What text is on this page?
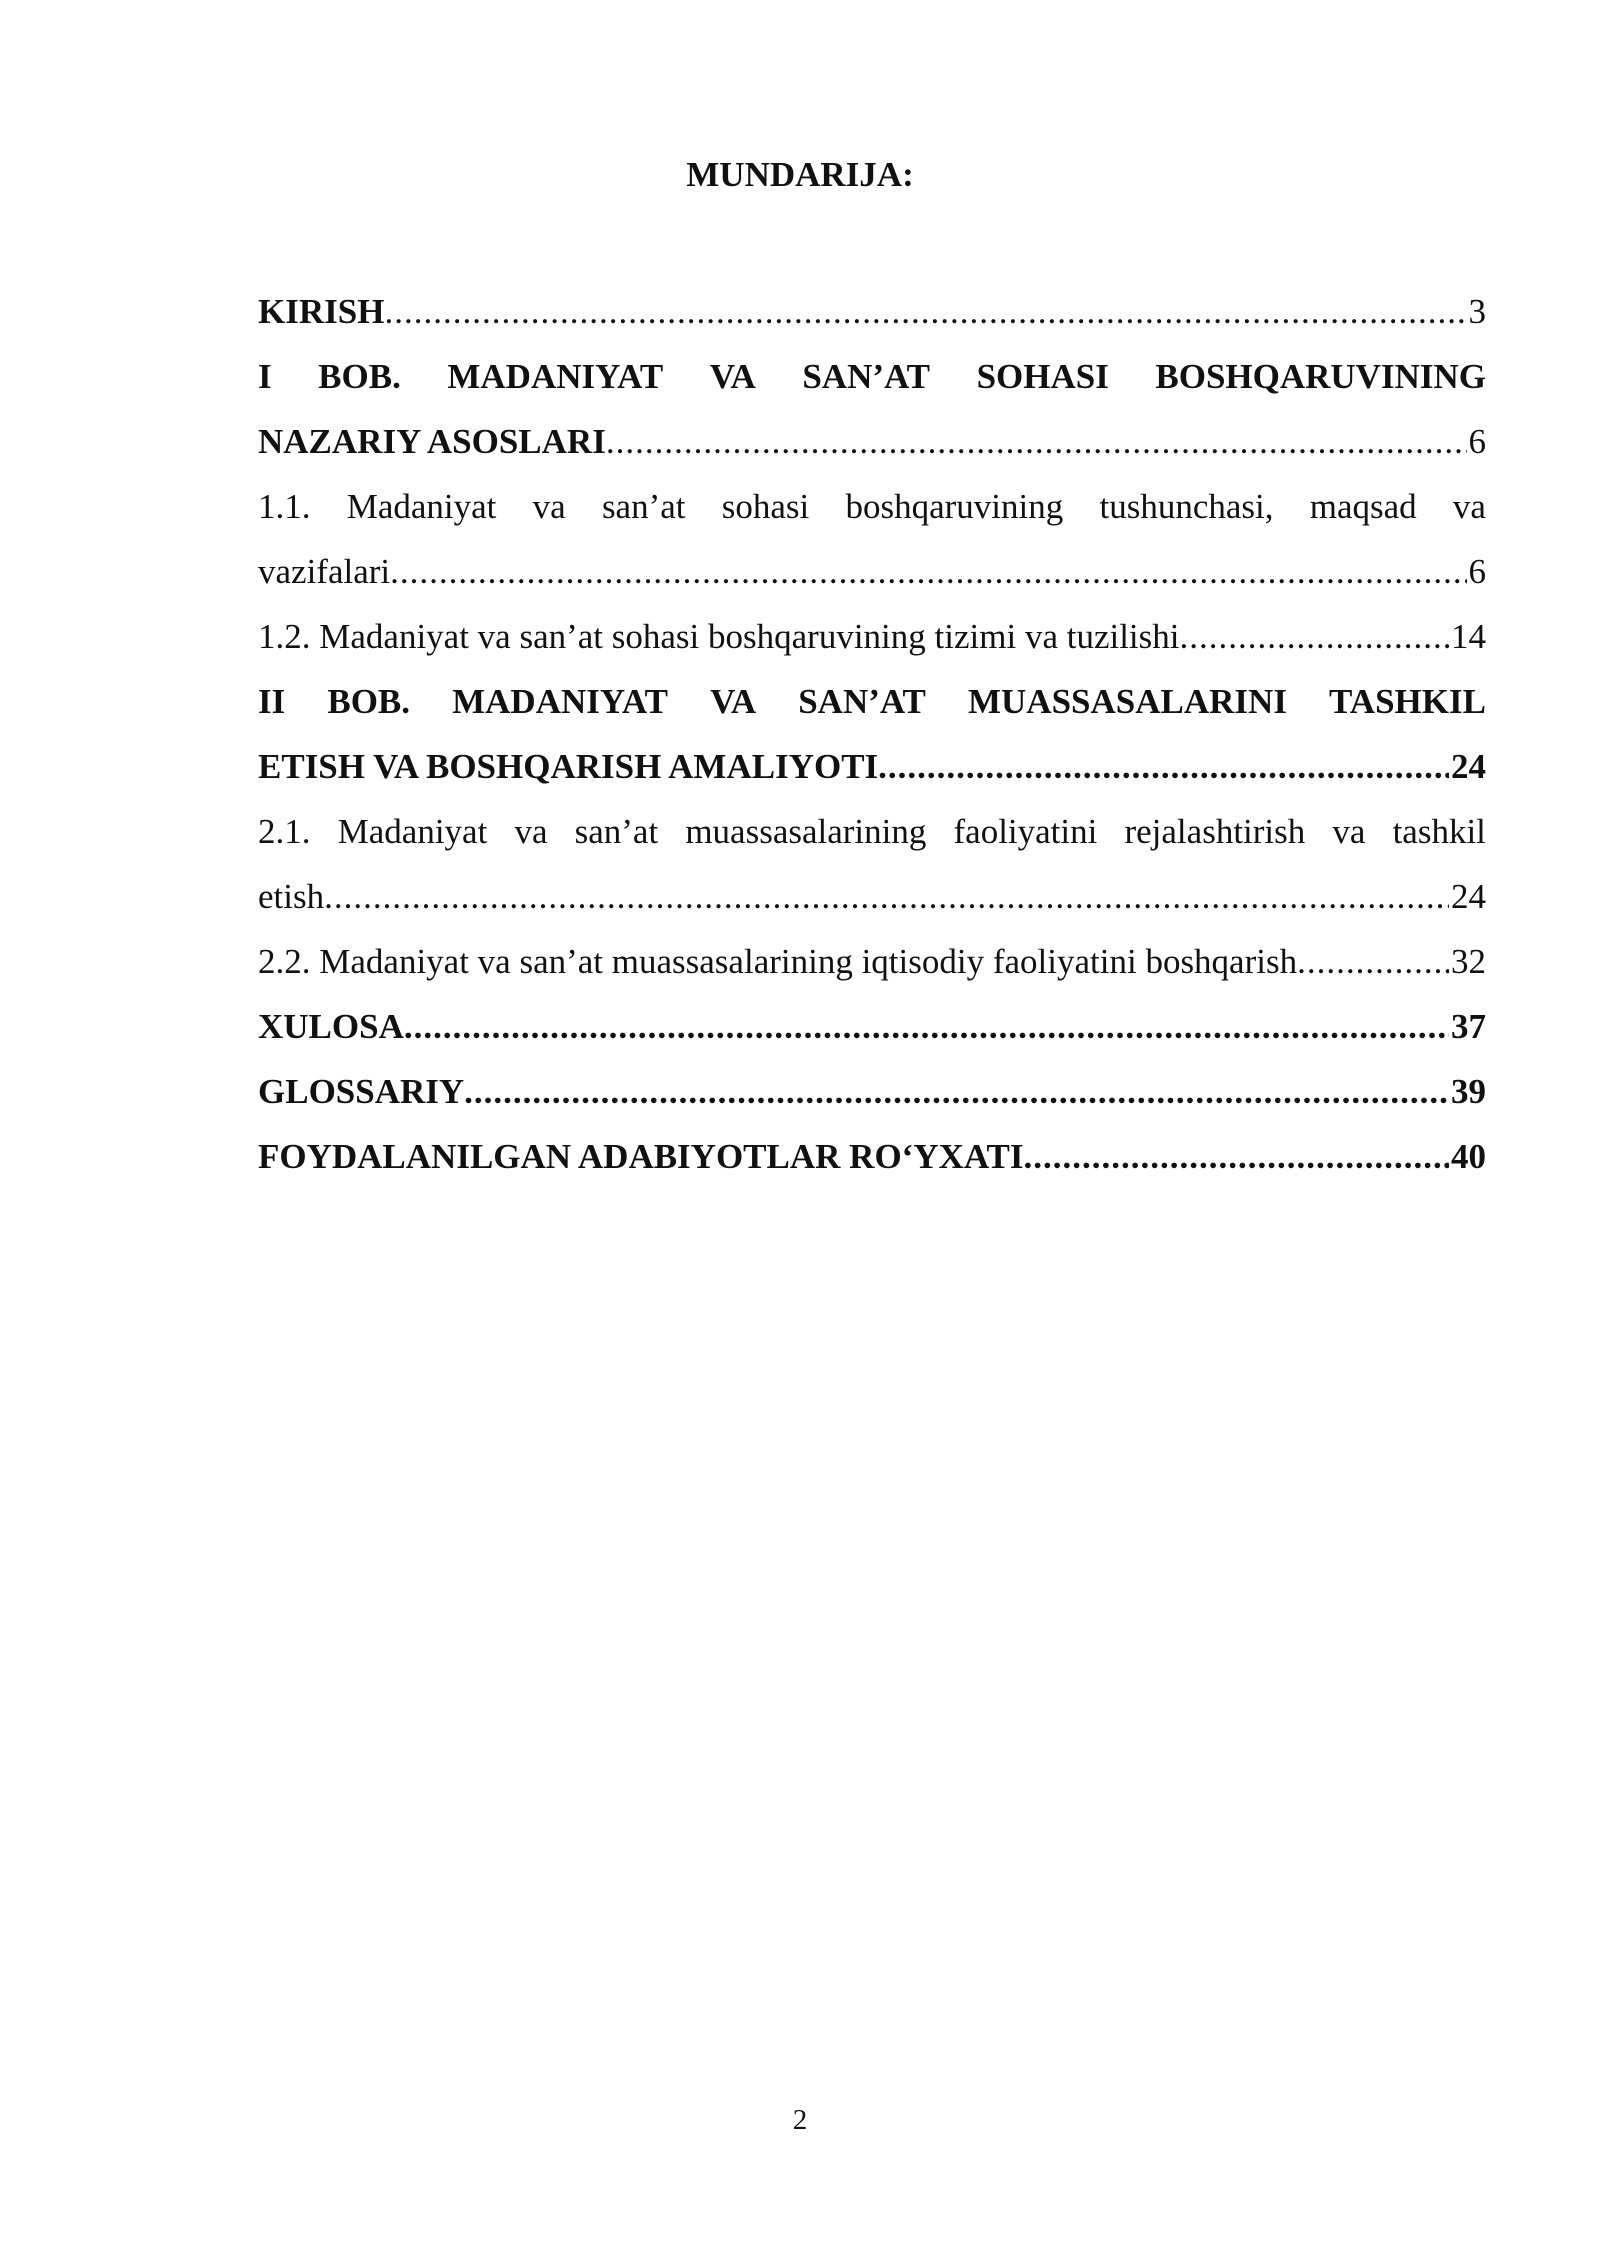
MUNDARIJA:
KIRISH .....	3
I BOB. MADANIYAT VA SAN’AT SOHASI BOSHQARUVINING
NAZARIY ASOSLARI .....	6
1.1. Madaniyat va san’at sohasi boshqaruvining tushunchasi, maqsad va
vazifalari .....	6
1.2. Madaniyat va san’at sohasi boshqaruvining tizimi va tuzilishi .....	14
II BOB. MADANIYAT VA SAN’AT MUASSASALARINI TASHKIL
ETISH VA BOSHQARISH AMALIYOTI .....	24
2.1. Madaniyat va san’at muassasalarining faoliyatini rejalashtirish va tashkil
etish .....	24
2.2. Madaniyat va san’at muassasalarining iqtisodiy faoliyatini boshqarish .....	32
XULOSA .....	37
GLOSSARIY .....	39
FOYDALANILGAN ADABIYOTLAR RO‘YXATI .....	40
2
